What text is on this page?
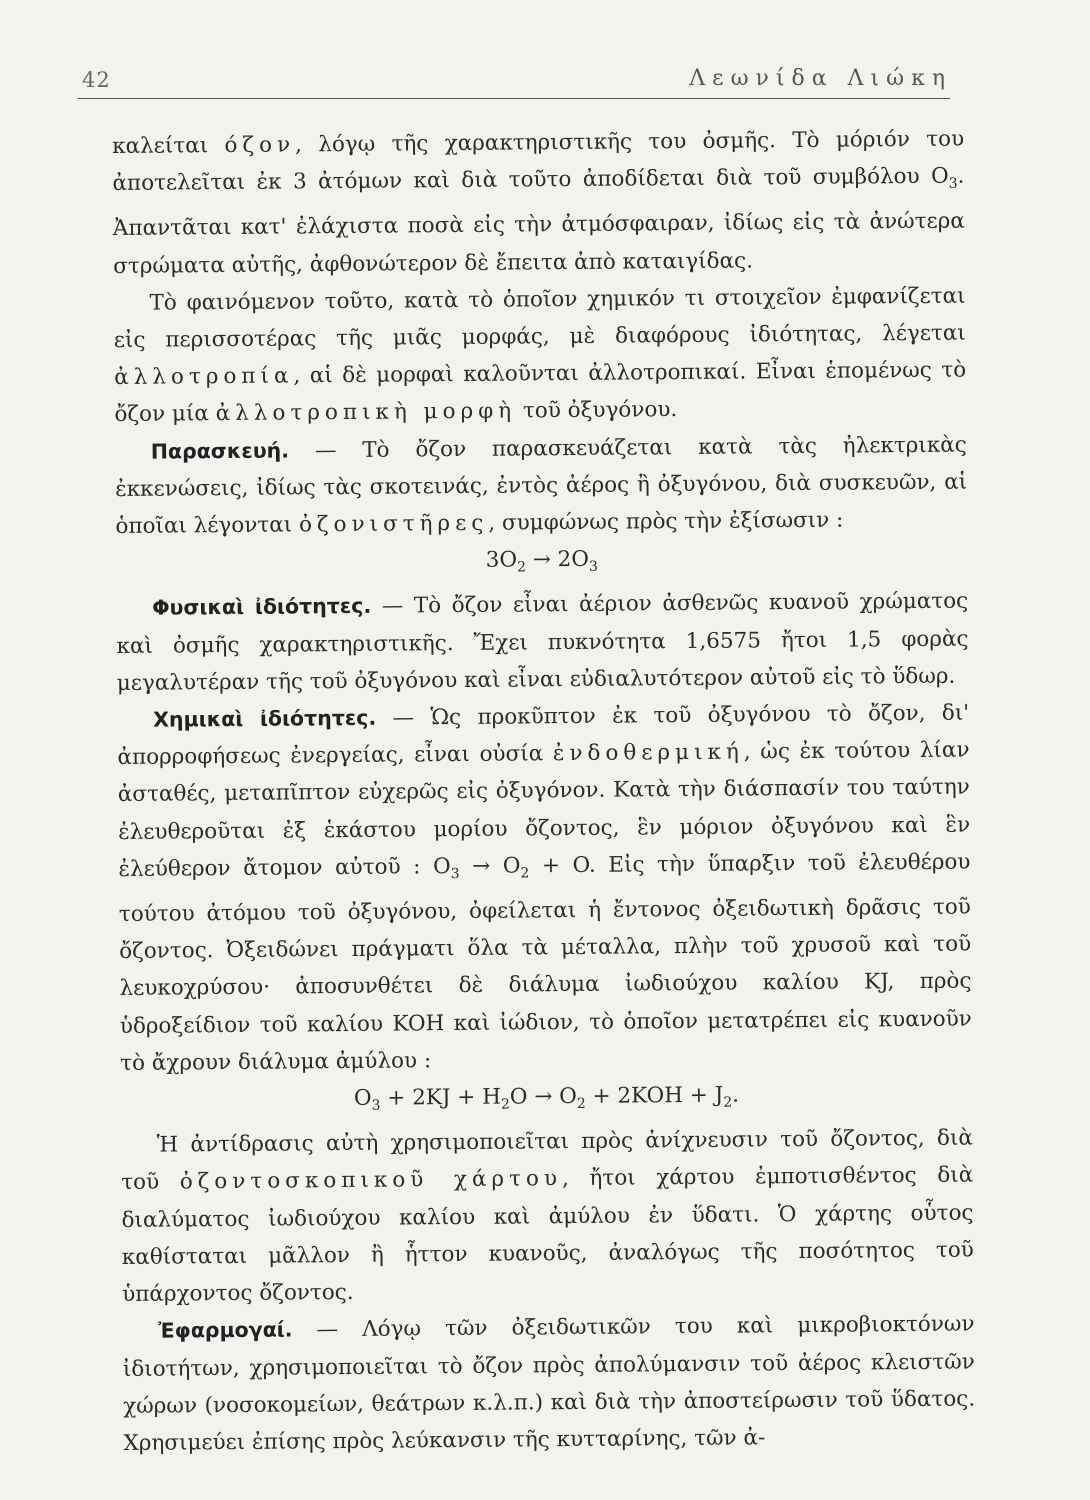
42	Λεωνίδα Λιώκη

καλείται όζον, λόγῳ τῆς χαρακτηριστικῆς του ὀσμῆς. Τὸ μόριόν του ἀποτελεῖται ἐκ 3 ἀτόμων καὶ διὰ τοῦτο ἀποδίδεται διὰ τοῦ συμβόλου $O_3$. Ἀπαντᾶται κατ' ἐλάχιστα ποσὰ εἰς τὴν ἀτμόσφαιραν, ἰδίως εἰς τὰ ἀνώτερα στρώματα αὐτῆς, ἀφθονώτερον δὲ ἔπειτα ἀπὸ καταιγίδας.

Τὸ φαινόμενον τοῦτο, κατὰ τὸ ὁποῖον χημικόν τι στοιχεῖον ἐμφανίζεται εἰς περισσοτέρας τῆς μιᾶς μορφάς, μὲ διαφόρους ἰδιότητας, λέγεται ἀλλοτροπία, αἱ δὲ μορφαὶ καλοῦνται ἀλλοτροπικαί. Εἶναι ἑπομένως τὸ ὄζον μία ἀλλοτροπικὴ μορφὴ τοῦ ὀξυγόνου.

Παρασκευή. — Τὸ ὄζον παρασκευάζεται κατὰ τὰς ἠλεκτρικὰς ἐκκενώσεις, ἰδίως τὰς σκοτεινάς, ἐντὸς ἀέρος ἢ ὀξυγόνου, διὰ συσκευῶν, αἱ ὁποῖαι λέγονται ὀζονιστῆρες, συμφώνως πρὸς τὴν ἐξίσωσιν :

$3O_2 \to 2O_3$

Φυσικαὶ ἰδιότητες. — Τὸ ὄζον εἶναι ἀέριον ἀσθενῶς κυανοῦ χρώματος καὶ ὀσμῆς χαρακτηριστικῆς. Ἔχει πυκνότητα 1,6575 ἤτοι 1,5 φορὰς μεγαλυτέραν τῆς τοῦ ὀξυγόνου καὶ εἶναι εὐδιαλυτότερον αὐτοῦ εἰς τὸ ὕδωρ.

Χημικαὶ ἰδιότητες. — Ὡς προκῦπτον ἐκ τοῦ ὀξυγόνου τὸ ὄζον, δι' ἀπορροφήσεως ἐνεργείας, εἶναι οὐσία ἐνδοθερμική, ὡς ἐκ τούτου λίαν ἀσταθές, μεταπῖπτον εὐχερῶς εἰς ὀξυγόνον. Κατὰ τὴν διάσπασίν του ταύτην ἐλευθεροῦται ἐξ ἑκάστου μορίου ὄζοντος, ἓν μόριον ὀξυγόνου καὶ ἓν ἐλεύθερον ἄτομον αὐτοῦ : $O_3 \to O_2 + O$. Εἰς τὴν ὕπαρξιν τοῦ ἐλευθέρου τούτου ἀτόμου τοῦ ὀξυγόνου, ὀφείλεται ἡ ἔντονος ὀξειδωτικὴ δρᾶσις τοῦ ὄζοντος. Ὀξειδώνει πράγματι ὅλα τὰ μέταλλα, πλὴν τοῦ χρυσοῦ καὶ τοῦ λευκοχρύσου· ἀποσυνθέτει δὲ διάλυμα ἰωδιούχου καλίου KJ, πρὸς ὑδροξείδιον τοῦ καλίου KOH καὶ ἰώδιον, τὸ ὁποῖον μετατρέπει εἰς κυανοῦν τὸ ἄχρουν διάλυμα ἀμύλου :

$O_3 + 2KJ + H_2O \to O_2 + 2KOH + J_2$.

Ἡ ἀντίδρασις αὐτὴ χρησιμοποιεῖται πρὸς ἀνίχνευσιν τοῦ ὄζοντος, διὰ τοῦ ὀζοντοσκοπικοῦ χάρτου, ἤτοι χάρτου ἐμποτισθέντος διὰ διαλύματος ἰωδιούχου καλίου καὶ ἀμύλου ἐν ὕδατι. Ὁ χάρτης οὗτος καθίσταται μᾶλλον ἢ ἧττον κυανοῦς, ἀναλόγως τῆς ποσότητος τοῦ ὑπάρχοντος ὄζοντος.

Ἐφαρμογαί. — Λόγῳ τῶν ὀξειδωτικῶν του καὶ μικροβιοκτόνων ἰδιοτήτων, χρησιμοποιεῖται τὸ ὄζον πρὸς ἀπολύμανσιν τοῦ ἀέρος κλειστῶν χώρων (νοσοκομείων, θεάτρων κ.λ.π.) καὶ διὰ τὴν ἀποστείρωσιν τοῦ ὕδατος. Χρησιμεύει ἐπίσης πρὸς λεύκανσιν τῆς κυτταρίνης, τῶν ἀ-
